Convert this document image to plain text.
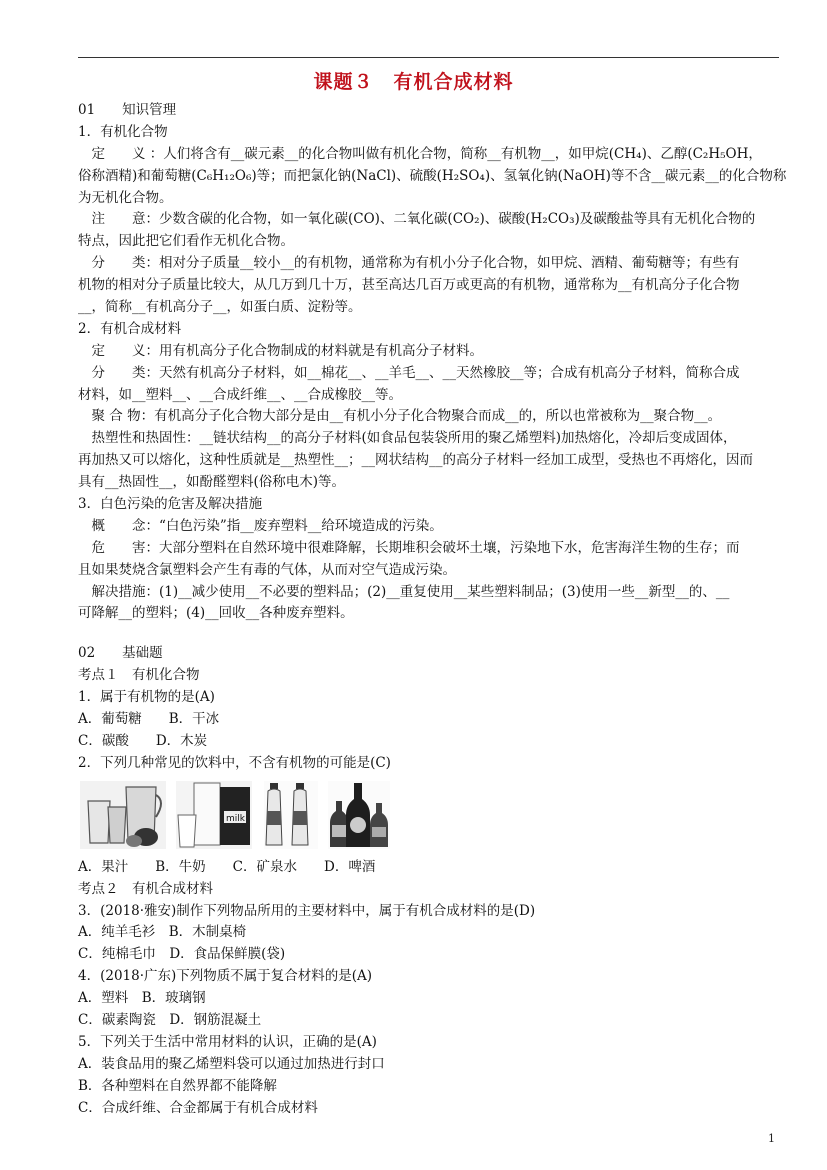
课题３　有机合成材料
01　　知识管理
1．有机化合物
　定　　义 ：人们将含有__碳元素__的化合物叫做有机化合物，简称__有机物__，如甲烷(CH₄)、乙醇(C₂H₅OH，
俗称酒精)和葡萄糖(C₆H₁₂O₆)等；而把氯化钠(NaCl)、硫酸(H₂SO₄)、氢氧化钠(NaOH)等不含__碳元素__的化合物称
为无机化合物。
　注　　意：少数含碳的化合物，如一氧化碳(CO)、二氧化碳(CO₂)、碳酸(H₂CO₃)及碳酸盐等具有无机化合物的
特点，因此把它们看作无机化合物。
　分　　类：相对分子质量__较小__的有机物，通常称为有机小分子化合物，如甲烷、酒精、葡萄糖等；有些有
机物的相对分子质量比较大，从几万到几十万，甚至高达几百万或更高的有机物，通常称为__有机高分子化合物
__，简称__有机高分子__，如蛋白质、淀粉等。
2．有机合成材料
　定　　义：用有机高分子化合物制成的材料就是有机高分子材料。
　分　　类：天然有机高分子材料，如__棉花__、__羊毛__、__天然橡胶__等；合成有机高分子材料，简称合成
材料，如__塑料__、__合成纤维__、__合成橡胶__等。
　聚 合 物：有机高分子化合物大部分是由__有机小分子化合物聚合而成__的，所以也常被称为__聚合物__。
　热塑性和热固性：__链状结构__的高分子材料(如食品包装袋所用的聚乙烯塑料)加热熔化，冷却后变成固体，
再加热又可以熔化，这种性质就是__热塑性__；__网状结构__的高分子材料一经加工成型，受热也不再熔化，因而
具有__热固性__，如酚醛塑料(俗称电木)等。
3．白色污染的危害及解决措施
　概　　念：“白色污染”指__废弃塑料__给环境造成的污染。
　危　　害：大部分塑料在自然环境中很难降解，长期堆积会破坏土壤，污染地下水，危害海洋生物的生存；而
且如果焚烧含氯塑料会产生有毒的气体，从而对空气造成污染。
　解决措施：(1)__减少使用__不必要的塑料品；(2)__重复使用__某些塑料制品；(3)使用一些__新型__的、__
可降解__的塑料；(4)__回收__各种废弃塑料。
02　　基础题
考点１　有机化合物
1．属于有机物的是(A)
A．葡萄糖　　B．干冰
C．碳酸　　D．木炭
2．下列几种常见的饮料中，不含有机物的可能是(C)
milk
A．果汁　　B．牛奶　　C．矿泉水　　D．啤酒
考点２　有机合成材料
3．(2018·雅安)制作下列物品所用的主要材料中，属于有机合成材料的是(D)
A．纯羊毛衫　B．木制桌椅
C．纯棉毛巾　D．食品保鲜膜(袋)
4．(2018·广东)下列物质不属于复合材料的是(A)
A．塑料　B．玻璃钢
C．碳素陶瓷　D．钢筋混凝土
5．下列关于生活中常用材料的认识，正确的是(A)
A．装食品用的聚乙烯塑料袋可以通过加热进行封口
B．各种塑料在自然界都不能降解
C．合成纤维、合金都属于有机合成材料
1
